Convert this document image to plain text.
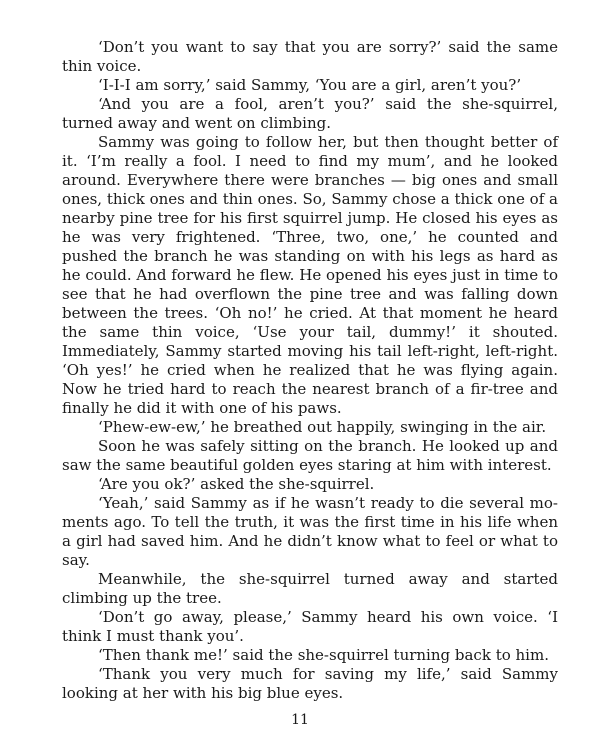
‘Don’t you want to say that you are sorry?’ said the same thin voice.

‘I-I-I am sorry,’ said Sammy, ‘You are a girl, aren’t you?’

‘And you are a fool, aren’t you?’ said the she-squirrel, turned away and went on climbing.

Sammy was going to follow her, but then thought better of it. ‘I’m really a fool. I need to find my mum’, and he looked around. Everywhere there were branches — big ones and small ones, thick ones and thin ones. So, Sammy chose a thick one of a nearby pine tree for his first squirrel jump. He closed his eyes as he was very frightened. ‘Three, two, one,’ he counted and pushed the branch he was standing on with his legs as hard as he could. And forward he flew. He opened his eyes just in time to see that he had overflown the pine tree and was falling down between the trees. ‘Oh no!’ he cried. At that moment he heard the same thin voice, ‘Use your tail, dummy!’ it shouted. Immediately, Sammy started moving his tail left-right, left-right. ‘Oh yes!’ he cried when he realized that he was flying again. Now he tried hard to reach the nearest branch of a fir-tree and finally he did it with one of his paws.

‘Phew-ew-ew,’ he breathed out happily, swinging in the air.

Soon he was safely sitting on the branch. He looked up and saw the same beautiful golden eyes staring at him with interest.

‘Are you ok?’ asked the she-squirrel.

‘Yeah,’ said Sammy as if he wasn’t ready to die several moments ago. To tell the truth, it was the first time in his life when a girl had saved him. And he didn’t know what to feel or what to say.

Meanwhile, the she-squirrel turned away and started climbing up the tree.

‘Don’t go away, please,’ Sammy heard his own voice. ‘I think I must thank you’.

‘Then thank me!’ said the she-squirrel turning back to him.

‘Thank you very much for saving my life,’ said Sammy looking at her with his big blue eyes.

11
